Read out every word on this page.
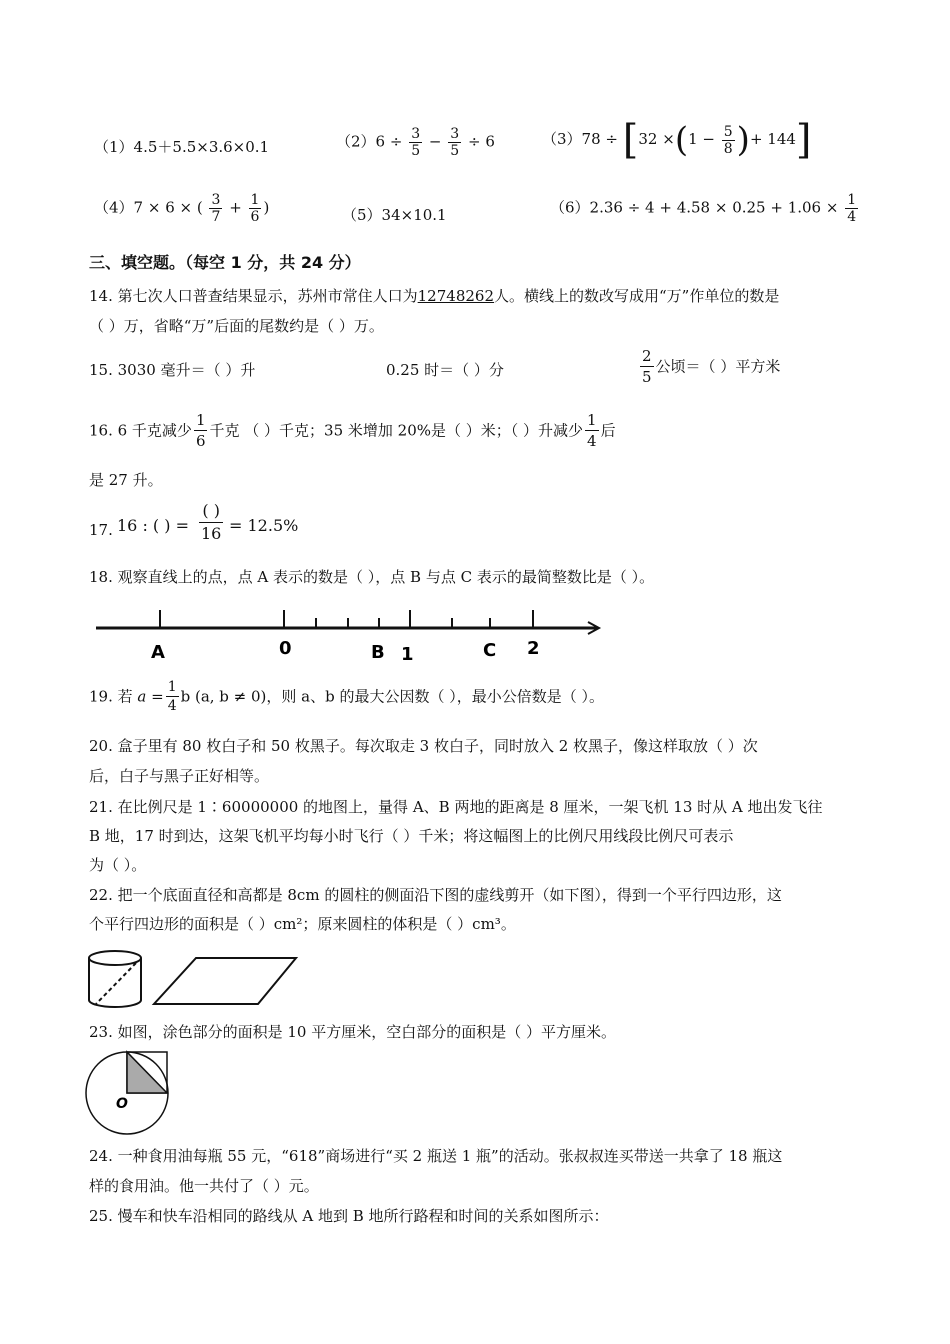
（1）4.5＋5.5×3.6×0.1	$(2)6 \div \frac{3}{5} - \frac{3}{5} \div 6$	$(3)78 \div [32 \times(1 - \frac{5}{8}$ )+ 144]
（4）7 × 6 × ( $\frac{3}{7} + \frac{1}{6}$ )	（5）34×10.1	$(6)2.36 \div 4 + 4.58 \times 0.25 + 1.06 \times \frac{1}{4}$
三、填空题。（每空 1 分，共 24 分）
14. 第七次人口普查结果显示，苏州市常住人口为12748262人。横线上的数改写成用“万”作单位的数是
（ ）万，省略“万”后面的尾数约是（ ）万。
15. 3030 毫升＝（ ）升	0.25 时＝（ ）分	$\frac{2}{5}$ 公顷＝（ ）平方米
16. 6 千克减少 $\frac{1}{6}$ 千克 （ ）千克；35 米增加 20%是（ ）米；（ ）升减少 $\frac{1}{4}$ 后
是 27 升。
17. 16 : ( ) = $\frac{( )}{16} = 12.5\%$
18. 观察直线上的点，点 A 表示的数是（ ），点 B 与点 C 表示的最简整数比是（ ）。
A	0	B 1	C 2
19. 若 $a = \frac{1}{4}$ b (a, b ≠ 0)，则 a、b 的最大公因数（ ），最小公倍数是（ ）。
20. 盒子里有 80 枚白子和 50 枚黑子。每次取走 3 枚白子，同时放入 2 枚黑子，像这样取放（ ）次
后，白子与黑子正好相等。
21. 在比例尺是 1∶60000000 的地图上，量得 A、B 两地的距离是 8 厘米，一架飞机 13 时从 A 地出发飞往
B 地，17 时到达，这架飞机平均每小时飞行（ ）千米；将这幅图上的比例尺用线段比例尺可表示
为（ ）。
22. 把一个底面直径和高都是 8cm 的圆柱的侧面沿下图的虚线剪开（如下图），得到一个平行四边形，这
个平行四边形的面积是（ ）cm²；原来圆柱的体积是（ ）cm³。
23. 如图，涂色部分的面积是 10 平方厘米，空白部分的面积是（ ）平方厘米。
O
24. 一种食用油每瓶 55 元，“618”商场进行“买 2 瓶送 1 瓶”的活动。张叔叔连买带送一共拿了 18 瓶这
样的食用油。他一共付了（ ）元。
25. 慢车和快车沿相同的路线从 A 地到 B 地所行路程和时间的关系如图所示：
